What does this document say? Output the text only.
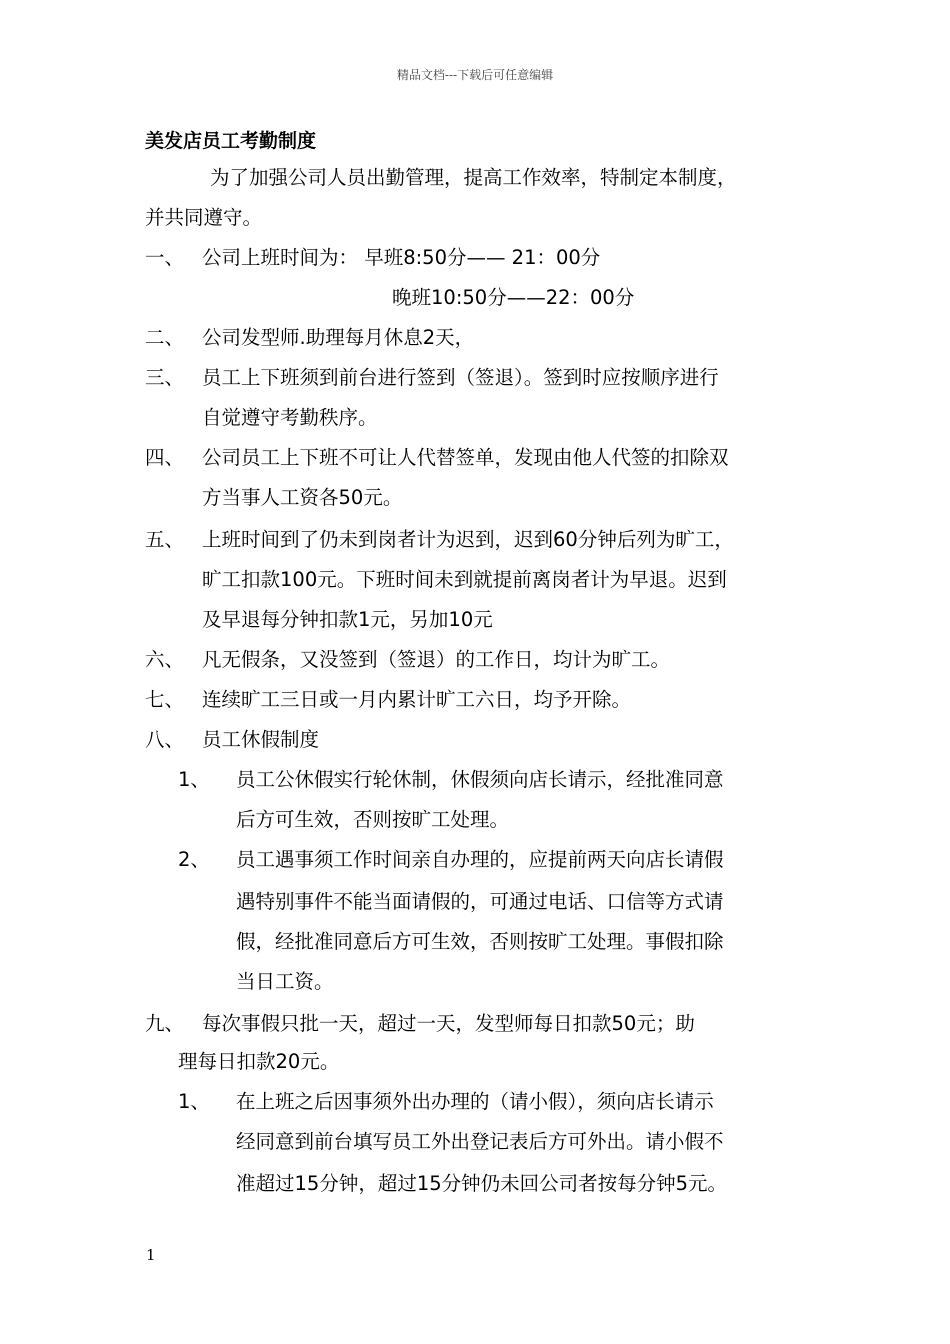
精品文档---下载后可任意编辑
美发店员工考勤制度
为了加强公司人员出勤管理，提高工作效率，特制定本制度，
并共同遵守。
一、 公司上班时间为： 早班8:50分—— 21：00分
晚班10:50分——22：00分
二、 公司发型师.助理每月休息2天，
三、 员工上下班须到前台进行签到（签退）。签到时应按顺序进行
自觉遵守考勤秩序。
四、 公司员工上下班不可让人代替签单，发现由他人代签的扣除双
方当事人工资各50元。
五、 上班时间到了仍未到岗者计为迟到，迟到60分钟后列为旷工，
旷工扣款100元。下班时间未到就提前离岗者计为早退。迟到
及早退每分钟扣款1元，另加10元
六、 凡无假条，又没签到（签退）的工作日，均计为旷工。
七、 连续旷工三日或一月内累计旷工六日，均予开除。
八、 员工休假制度
1、 员工公休假实行轮休制，休假须向店长请示，经批准同意
后方可生效，否则按旷工处理。
2、 员工遇事须工作时间亲自办理的，应提前两天向店长请假
遇特别事件不能当面请假的，可通过电话、口信等方式请
假，经批准同意后方可生效，否则按旷工处理。事假扣除
当日工资。
九、 每次事假只批一天，超过一天，发型师每日扣款50元；助
理每日扣款20元。
1、 在上班之后因事须外出办理的（请小假），须向店长请示
经同意到前台填写员工外出登记表后方可外出。请小假不
准超过15分钟，超过15分钟仍未回公司者按每分钟5元。
1
